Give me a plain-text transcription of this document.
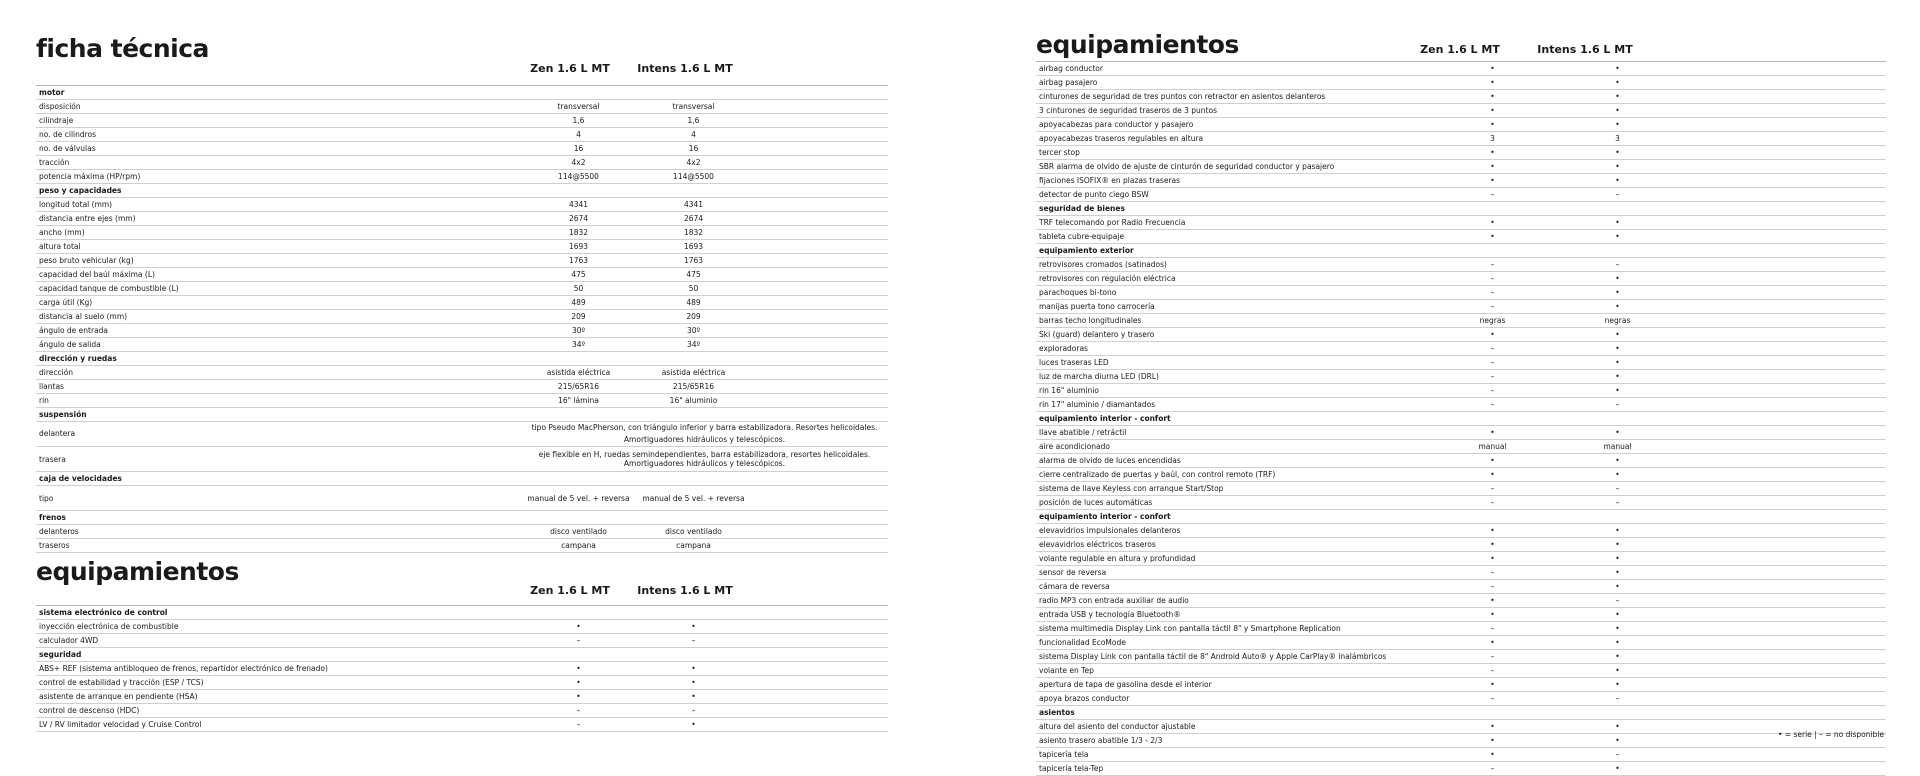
ficha técnica
Zen 1.6 L MT	Intens 1.6 L MT
motor			
disposición	transversal	transversal	
cilindraje	1,6	1,6	
no. de cilindros	4	4	
no. de válvulas	16	16	
tracción	4x2	4x2	
potencia máxima (HP/rpm)	114@5500	114@5500	
peso y capacidades			
longitud total (mm)	4341	4341	
distancia entre ejes (mm)	2674	2674	
ancho (mm)	1832	1832	
altura total	1693	1693	
peso bruto vehicular (kg)	1763	1763	
capacidad del baúl máxima (L)	475	475	
capacidad tanque de combustible (L)	50	50	
carga útil (Kg)	489	489	
distancia al suelo (mm)	209	209	
ángulo de entrada	30º	30º	
ángulo de salida	34º	34º	
dirección y ruedas			
dirección	asistida eléctrica	asistida eléctrica	
llantas	215/65R16	215/65R16	
rin	16" lámina	16" aluminio	
suspensión			
delantera	tipo Pseudo MacPherson, con triángulo inferior y barra estabilizadora. Resortes helicoidales. Amortiguadores hidráulicos y telescópicos.		
trasera	eje flexible en H, ruedas semindependientes, barra estabilizadora, resortes helicoidales. Amortiguadores hidráulicos y telescópicos.		
caja de velocidades			
tipo	manual de 5 vel. + reversa	manual de 5 vel. + reversa	
frenos			
delanteros	disco ventilado	disco ventilado	
traseros	campana	campana	
equipamientos
Zen 1.6 L MT	Intens 1.6 L MT
sistema electrónico de control			
inyección electrónica de combustible	•	•	
calculador 4WD	–	–	
seguridad			
ABS+ REF (sistema antibloqueo de frenos, repartidor electrónico de frenado)	•	•	
control de estabilidad y tracción (ESP / TCS)	•	•	
asistente de arranque en pendiente (HSA)	•	•	
control de descenso (HDC)	–	–	
LV / RV limitador velocidad y Cruise Control	–	•	
equipamientos	Zen 1.6 L MT	Intens 1.6 L MT
airbag conductor	•	•	
airbag pasajero	•	•	
cinturones de seguridad de tres puntos con retractor en asientos delanteros	•	•	
3 cinturones de seguridad traseros de 3 puntos	•	•	
apoyacabezas para conductor y pasajero	•	•	
apoyacabezas traseros regulables en altura	3	3	
tercer stop	•	•	
SBR alarma de olvido de ajuste de cinturón de seguridad conductor y pasajero	•	•	
fijaciones ISOFIX® en plazas traseras	•	•	
detector de punto ciego BSW	–	–	
seguridad de bienes			
TRF telecomando por Radio Frecuencia	•	•	
tableta cubre-equipaje	•	•	
equipamiento exterior			
retrovisores cromados (satinados)	–	–	
retrovisores con regulación eléctrica	–	•	
parachoques bi-tono	–	•	
manijas puerta tono carrocería	–	•	
barras techo longitudinales	negras	negras	
Ski (guard) delantero y trasero	•	•	
exploradoras	–	•	
luces traseras LED	–	•	
luz de marcha diurna LED (DRL)	–	•	
rin 16" aluminio	–	•	
rin 17" aluminio / diamantados	–	–	
equipamiento interior - confort			
llave abatible / retráctil	•	•	
aire acondicionado	manual	manual	
alarma de olvido de luces encendidas	•	•	
cierre centralizado de puertas y baúl, con control remoto (TRF)	•	•	
sistema de llave Keyless con arranque Start/Stop	–	–	
posición de luces automáticas	–	–	
equipamiento interior - confort			
elevavidrios impulsionales delanteros	•	•	
elevavidrios eléctricos traseros	•	•	
volante regulable en altura y profundidad	•	•	
sensor de reversa	–	•	
cámara de reversa	–	•	
radio MP3 con entrada auxiliar de audio	•	–	
entrada USB y tecnología Bluetooth®	•	•	
sistema multimedia Display Link con pantalla táctil 8" y Smartphone Replication	–	•	
funcionalidad EcoMode	•	•	
sistema Display Link con pantalla táctil de 8" Android Auto® y Apple CarPlay® inalámbricos	–	•	
volante en Tep	–	•	
apertura de tapa de gasolina desde el interior	•	•	
apoya brazos conductor	–	–	
asientos			
altura del asiento del conductor ajustable	•	•	
asiento trasero abatible 1/3 - 2/3	•	•	
tapicería tela	•	–	
tapicería tela-Tep	–	•	
• = serie | – = no disponible
